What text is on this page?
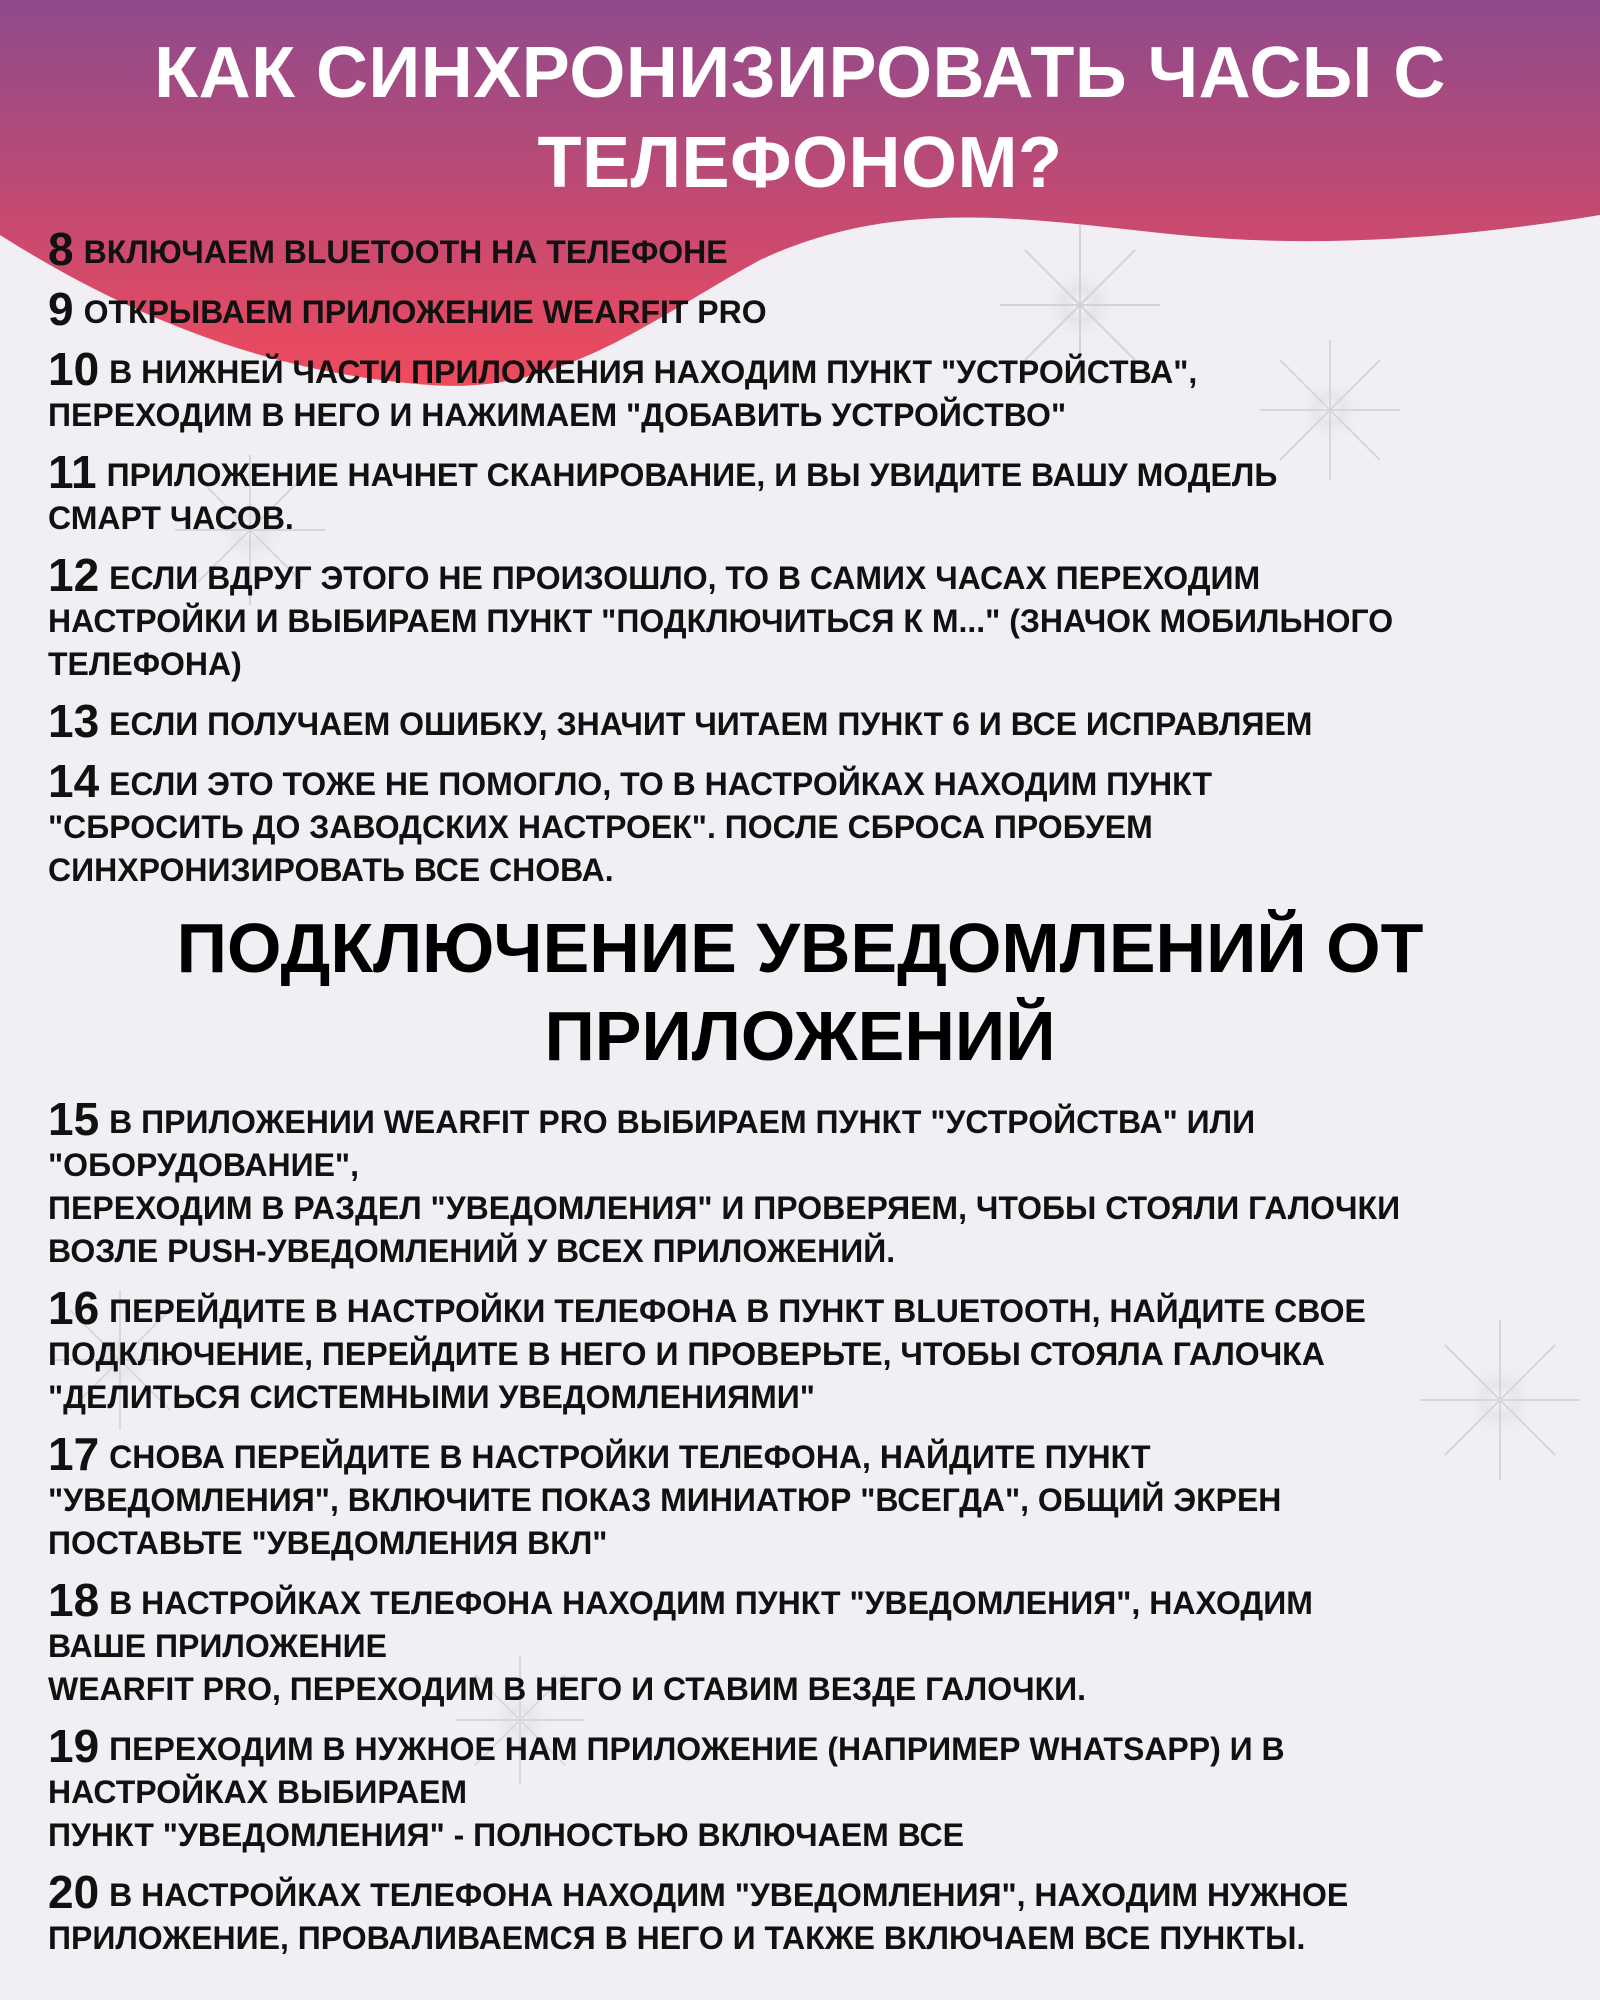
КАК СИНХРОНИЗИРОВАТЬ ЧАСЫ С ТЕЛЕФОНОМ?
8 ВКЛЮЧАЕМ BLUETOOTH НА ТЕЛЕФОНЕ
9 ОТКРЫВАЕМ ПРИЛОЖЕНИЕ WEARFIT PRO
10 В НИЖНЕЙ ЧАСТИ ПРИЛОЖЕНИЯ НАХОДИМ ПУНКТ "УСТРОЙСТВА",
ПЕРЕХОДИМ В НЕГО И НАЖИМАЕМ "ДОБАВИТЬ УСТРОЙСТВО"
11 ПРИЛОЖЕНИЕ НАЧНЕТ СКАНИРОВАНИЕ, И ВЫ УВИДИТЕ ВАШУ МОДЕЛЬ
СМАРТ ЧАСОВ.
12 ЕСЛИ ВДРУГ ЭТОГО НЕ ПРОИЗОШЛО, ТО В САМИХ ЧАСАХ ПЕРЕХОДИМ
НАСТРОЙКИ И ВЫБИРАЕМ ПУНКТ "ПОДКЛЮЧИТЬСЯ К М..." (ЗНАЧОК МОБИЛЬНОГО
ТЕЛЕФОНА)
13 ЕСЛИ ПОЛУЧАЕМ ОШИБКУ, ЗНАЧИТ ЧИТАЕМ ПУНКТ 6 И ВСЕ ИСПРАВЛЯЕМ
14 ЕСЛИ ЭТО ТОЖЕ НЕ ПОМОГЛО, ТО В НАСТРОЙКАХ НАХОДИМ ПУНКТ
"СБРОСИТЬ ДО ЗАВОДСКИХ НАСТРОЕК". ПОСЛЕ СБРОСА ПРОБУЕМ
СИНХРОНИЗИРОВАТЬ ВСЕ СНОВА.
ПОДКЛЮЧЕНИЕ УВЕДОМЛЕНИЙ ОТ ПРИЛОЖЕНИЙ
15 В ПРИЛОЖЕНИИ WEARFIT PRO ВЫБИРАЕМ ПУНКТ "УСТРОЙСТВА" ИЛИ
"ОБОРУДОВАНИЕ",
ПЕРЕХОДИМ В РАЗДЕЛ "УВЕДОМЛЕНИЯ" И ПРОВЕРЯЕМ, ЧТОБЫ СТОЯЛИ ГАЛОЧКИ
ВОЗЛЕ PUSH-УВЕДОМЛЕНИЙ У ВСЕХ ПРИЛОЖЕНИЙ.
16 ПЕРЕЙДИТЕ В НАСТРОЙКИ ТЕЛЕФОНА В ПУНКТ BLUETOOTH, НАЙДИТЕ СВОЕ
ПОДКЛЮЧЕНИЕ, ПЕРЕЙДИТЕ В НЕГО И ПРОВЕРЬТЕ, ЧТОБЫ СТОЯЛА ГАЛОЧКА
"ДЕЛИТЬСЯ СИСТЕМНЫМИ УВЕДОМЛЕНИЯМИ"
17 СНОВА ПЕРЕЙДИТЕ В НАСТРОЙКИ ТЕЛЕФОНА, НАЙДИТЕ ПУНКТ
"УВЕДОМЛЕНИЯ", ВКЛЮЧИТЕ ПОКАЗ МИНИАТЮР "ВСЕГДА", ОБЩИЙ ЭКРЕН
ПОСТАВЬТЕ "УВЕДОМЛЕНИЯ ВКЛ"
18 В НАСТРОЙКАХ ТЕЛЕФОНА НАХОДИМ ПУНКТ "УВЕДОМЛЕНИЯ", НАХОДИМ
ВАШЕ ПРИЛОЖЕНИЕ
WEARFIT PRO, ПЕРЕХОДИМ В НЕГО И СТАВИМ ВЕЗДЕ ГАЛОЧКИ.
19 ПЕРЕХОДИМ В НУЖНОЕ НАМ ПРИЛОЖЕНИЕ (НАПРИМЕР WHATSAPP) И В
НАСТРОЙКАХ ВЫБИРАЕМ
ПУНКТ "УВЕДОМЛЕНИЯ" - ПОЛНОСТЬЮ ВКЛЮЧАЕМ ВСЕ
20 В НАСТРОЙКАХ ТЕЛЕФОНА НАХОДИМ "УВЕДОМЛЕНИЯ", НАХОДИМ НУЖНОЕ
ПРИЛОЖЕНИЕ, ПРОВАЛИВАЕМСЯ В НЕГО И ТАКЖЕ ВКЛЮЧАЕМ ВСЕ ПУНКТЫ.
